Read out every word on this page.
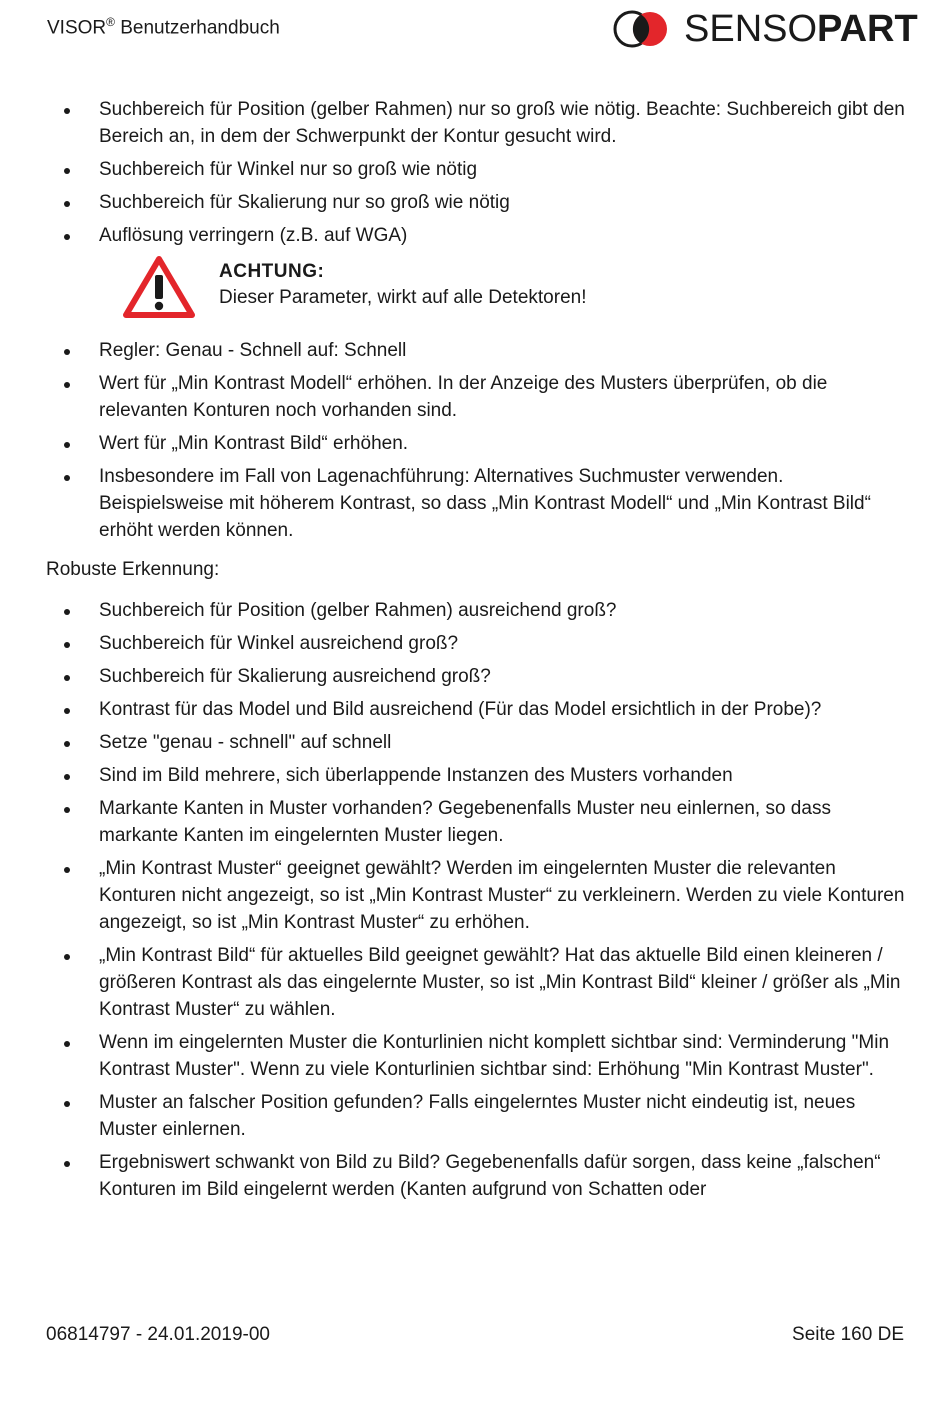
VISOR® Benutzerhandbuch	SENSOPART
Suchbereich für Position (gelber Rahmen) nur so groß wie nötig. Beachte: Suchbereich gibt den Bereich an, in dem der Schwerpunkt der Kontur gesucht wird.
Suchbereich für Winkel nur so groß wie nötig
Suchbereich für Skalierung nur so groß wie nötig
Auflösung verringern (z.B. auf WGA)
ACHTUNG:
Dieser Parameter, wirkt auf alle Detektoren!
Regler: Genau - Schnell auf: Schnell
Wert für „Min Kontrast Modell“ erhöhen. In der Anzeige des Musters überprüfen, ob die relevanten Konturen noch vorhanden sind.
Wert für „Min Kontrast Bild“ erhöhen.
Insbesondere im Fall von Lagenachführung: Alternatives Suchmuster verwenden. Beispielsweise mit höherem Kontrast, so dass „Min Kontrast Modell“ und „Min Kontrast Bild“ erhöht werden können.
Robuste Erkennung:
Suchbereich für Position (gelber Rahmen) ausreichend groß?
Suchbereich für Winkel ausreichend groß?
Suchbereich für Skalierung ausreichend groß?
Kontrast für das Model und Bild ausreichend (Für das Model ersichtlich in der Probe)?
Setze "genau - schnell" auf schnell
Sind im Bild mehrere, sich überlappende Instanzen des Musters vorhanden
Markante Kanten in Muster vorhanden? Gegebenenfalls Muster neu einlernen, so dass markante Kanten im eingelernten Muster liegen.
„Min Kontrast Muster“ geeignet gewählt? Werden im eingelernten Muster die relevanten Konturen nicht angezeigt, so ist „Min Kontrast Muster“ zu verkleinern. Werden zu viele Konturen angezeigt, so ist „Min Kontrast Muster“ zu erhöhen.
„Min Kontrast Bild“ für aktuelles Bild geeignet gewählt? Hat das aktuelle Bild einen kleineren / größeren Kontrast als das eingelernte Muster, so ist „Min Kontrast Bild“ kleiner / größer als „Min Kontrast Muster“ zu wählen.
Wenn im eingelernten Muster die Konturlinien nicht komplett sichtbar sind: Verminderung "Min Kontrast Muster". Wenn zu viele Konturlinien sichtbar sind: Erhöhung "Min Kontrast Muster".
Muster an falscher Position gefunden? Falls eingelerntes Muster nicht eindeutig ist, neues Muster einlernen.
Ergebniswert schwankt von Bild zu Bild? Gegebenenfalls dafür sorgen, dass keine „falschen“ Konturen im Bild eingelernt werden (Kanten aufgrund von Schatten oder
06814797 - 24.01.2019-00	Seite 160 DE
